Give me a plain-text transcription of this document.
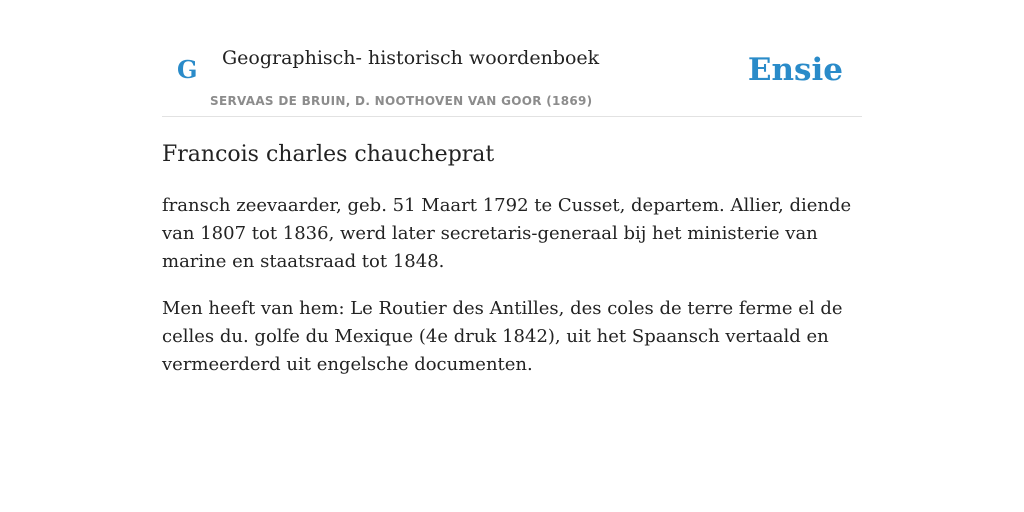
G Geographisch- historisch woordenboek
SERVAAS DE BRUIN, D. NOOTHOVEN VAN GOOR (1869)
Ensie
Francois charles chaucheprat

fransch zeevaarder, geb. 51 Maart 1792 te Cusset, departem. Allier, diende van 1807 tot 1836, werd later secretaris-generaal bij het ministerie van marine en staatsraad tot 1848.

Men heeft van hem: Le Routier des Antilles, des coles de terre ferme el de celles du. golfe du Mexique (4e druk 1842), uit het Spaansch vertaald en vermeerderd uit engelsche documenten.
